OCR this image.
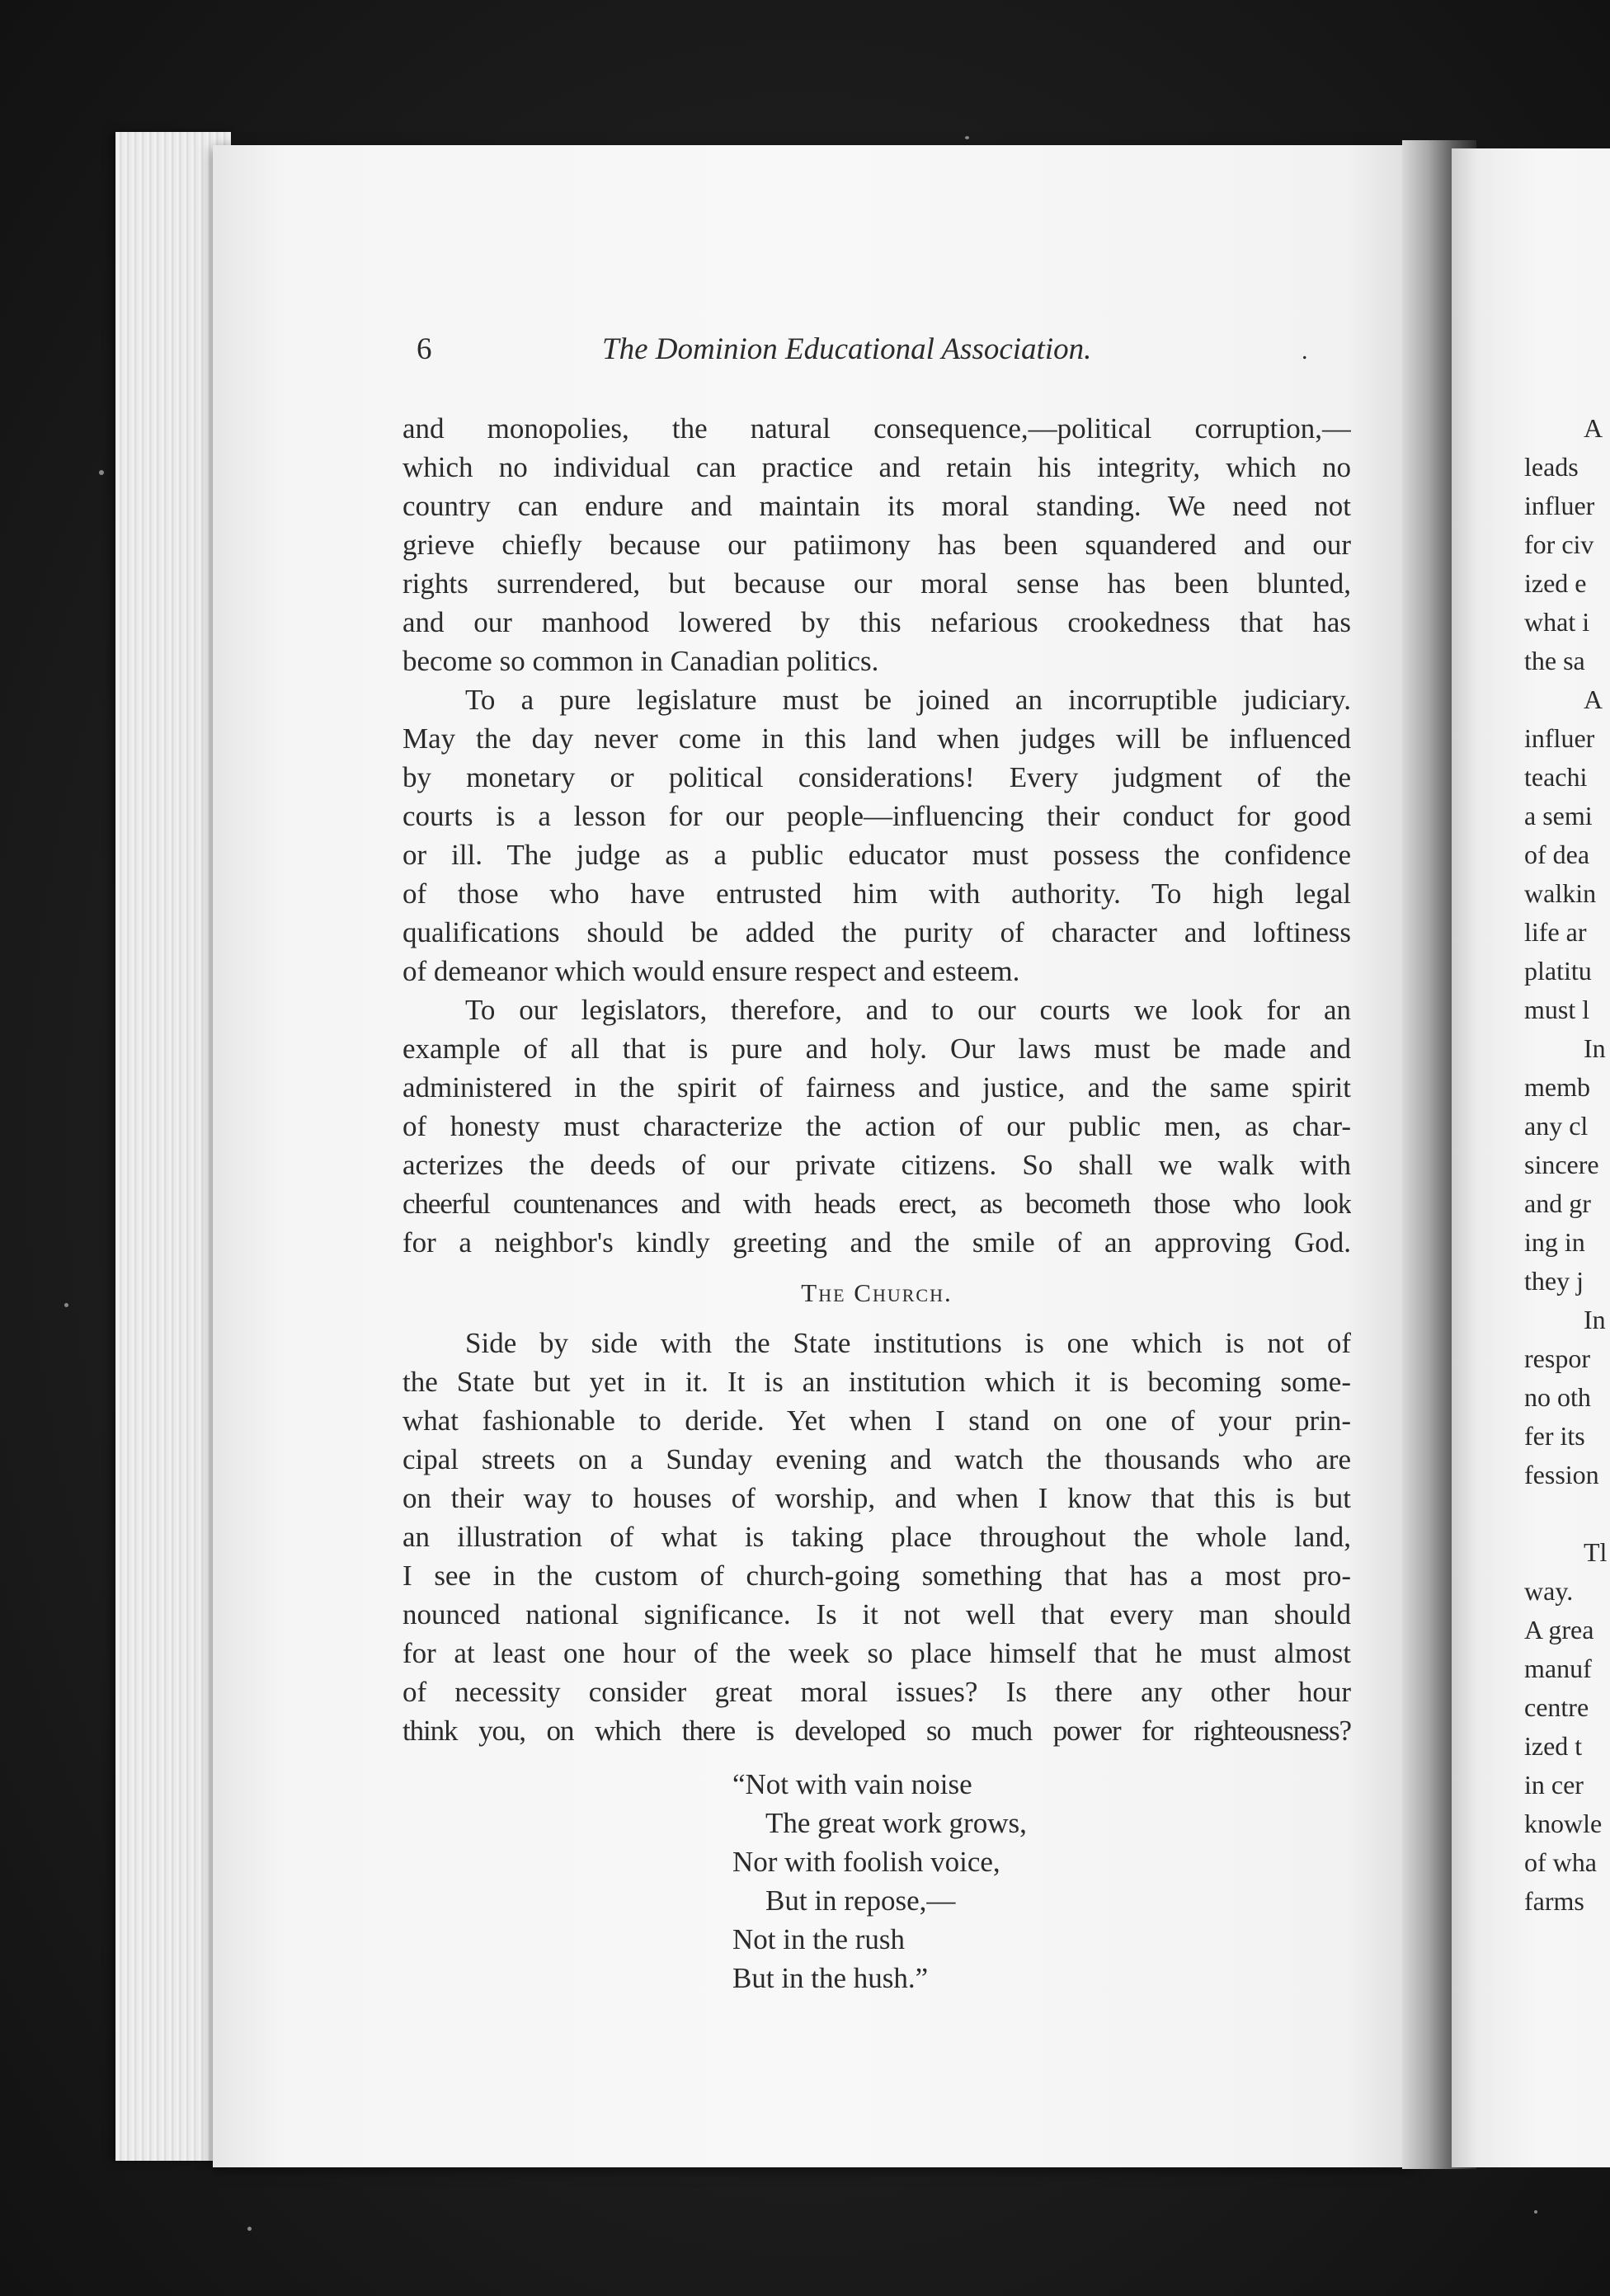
6	The Dominion Educational Association.	.
and monopolies, the natural consequence,—political corruption,—
which no individual can practice and retain his integrity, which no
country can endure and maintain its moral standing. We need not
grieve chiefly because our patiimony has been squandered and our
rights surrendered, but because our moral sense has been blunted,
and our manhood lowered by this nefarious crookedness that has
become so common in Canadian politics.
To a pure legislature must be joined an incorruptible judiciary.
May the day never come in this land when judges will be influenced
by monetary or political considerations! Every judgment of the
courts is a lesson for our people—influencing their conduct for good
or ill. The judge as a public educator must possess the confidence
of those who have entrusted him with authority. To high legal
qualifications should be added the purity of character and loftiness
of demeanor which would ensure respect and esteem.
To our legislators, therefore, and to our courts we look for an
example of all that is pure and holy. Our laws must be made and
administered in the spirit of fairness and justice, and the same spirit
of honesty must characterize the action of our public men, as char-
acterizes the deeds of our private citizens. So shall we walk with
cheerful countenances and with heads erect, as becometh those who look
for a neighbor's kindly greeting and the smile of an approving God.
The Church.
Side by side with the State institutions is one which is not of
the State but yet in it. It is an institution which it is becoming some-
what fashionable to deride. Yet when I stand on one of your prin-
cipal streets on a Sunday evening and watch the thousands who are
on their way to houses of worship, and when I know that this is but
an illustration of what is taking place throughout the whole land,
I see in the custom of church-going something that has a most pro-
nounced national significance. Is it not well that every man should
for at least one hour of the week so place himself that he must almost
of necessity consider great moral issues? Is there any other hour
think you, on which there is developed so much power for righteousness?
“Not with vain noise
The great work grows,
Nor with foolish voice,
But in repose,—
Not in the rush
But in the hush.”
A
leads
influer
for civ
ized e
what i
the sa
A
influer
teachi
a semi
of dea
walkin
life ar
platitu
must l
In
memb
any cl
sincere
and gr
ing in
they j
In
respor
no oth
fer its
fession
Tl
way.
A grea
manuf
centre
ized t
in cer
knowle
of wha
farms
